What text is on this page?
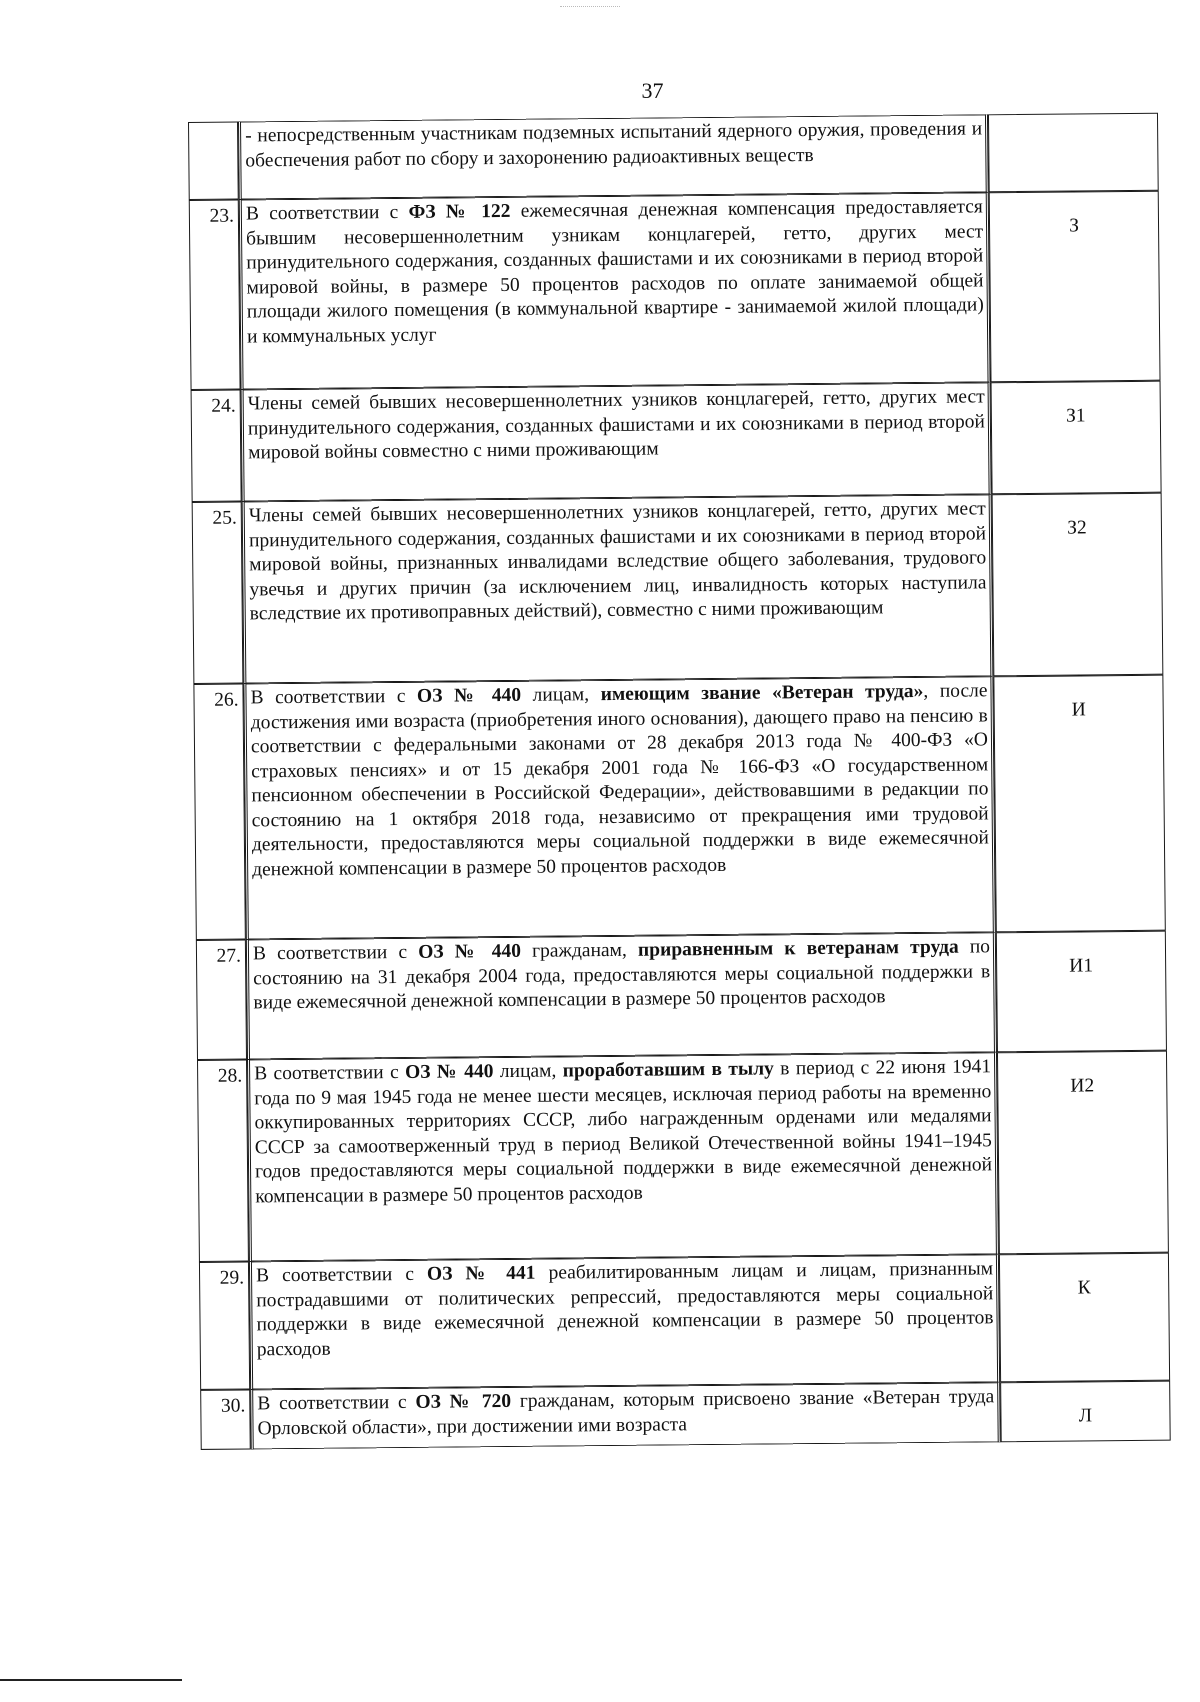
37
	- непосредственным участникам подземных испытаний ядерного оружия, проведения и обеспечения работ по сбору и захоронению радиоактивных веществ	
23.	В соответствии с ФЗ № 122 ежемесячная денежная компенсация предоставляется бывшим несовершеннолетним узникам концлагерей, гетто, других мест принудительного содержания, созданных фашистами и их союзниками в период второй мировой войны, в размере 50 процентов расходов по оплате занимаемой общей площади жилого помещения (в коммунальной квартире - занимаемой жилой площади) и коммунальных услуг	З
24.	Члены семей бывших несовершеннолетних узников концлагерей, гетто, других мест принудительного содержания, созданных фашистами и их союзниками в период второй мировой войны совместно с ними проживающим	З1
25.	Члены семей бывших несовершеннолетних узников концлагерей, гетто, других мест принудительного содержания, созданных фашистами и их союзниками в период второй мировой войны, признанных инвалидами вследствие общего заболевания, трудового увечья и других причин (за исключением лиц, инвалидность которых наступила вследствие их противоправных действий), совместно с ними проживающим	З2
26.	В соответствии с ОЗ № 440 лицам, имеющим звание «Ветеран труда», после достижения ими возраста (приобретения иного основания), дающего право на пенсию в соответствии с федеральными законами от 28 декабря 2013 года № 400-ФЗ «О страховых пенсиях» и от 15 декабря 2001 года № 166-ФЗ «О государственном пенсионном обеспечении в Российской Федерации», действовавшими в редакции по состоянию на 1 октября 2018 года, независимо от прекращения ими трудовой деятельности, предоставляются меры социальной поддержки в виде ежемесячной денежной компенсации в размере 50 процентов расходов	И
27.	В соответствии с ОЗ № 440 гражданам, приравненным к ветеранам труда по состоянию на 31 декабря 2004 года, предоставляются меры социальной поддержки в виде ежемесячной денежной компенсации в размере 50 процентов расходов	И1
28.	В соответствии с ОЗ № 440 лицам, проработавшим в тылу в период с 22 июня 1941 года по 9 мая 1945 года не менее шести месяцев, исключая период работы на временно оккупированных территориях СССР, либо награжденным орденами или медалями СССР за самоотверженный труд в период Великой Отечественной войны 1941–1945 годов предоставляются меры социальной поддержки в виде ежемесячной денежной компенсации в размере 50 процентов расходов	И2
29.	В соответствии с ОЗ № 441 реабилитированным лицам и лицам, признанным пострадавшими от политических репрессий, предоставляются меры социальной поддержки в виде ежемесячной денежной компенсации в размере 50 процентов расходов	К
30.	В соответствии с ОЗ № 720 гражданам, которым присвоено звание «Ветеран труда Орловской области», при достижении ими возраста	Л
